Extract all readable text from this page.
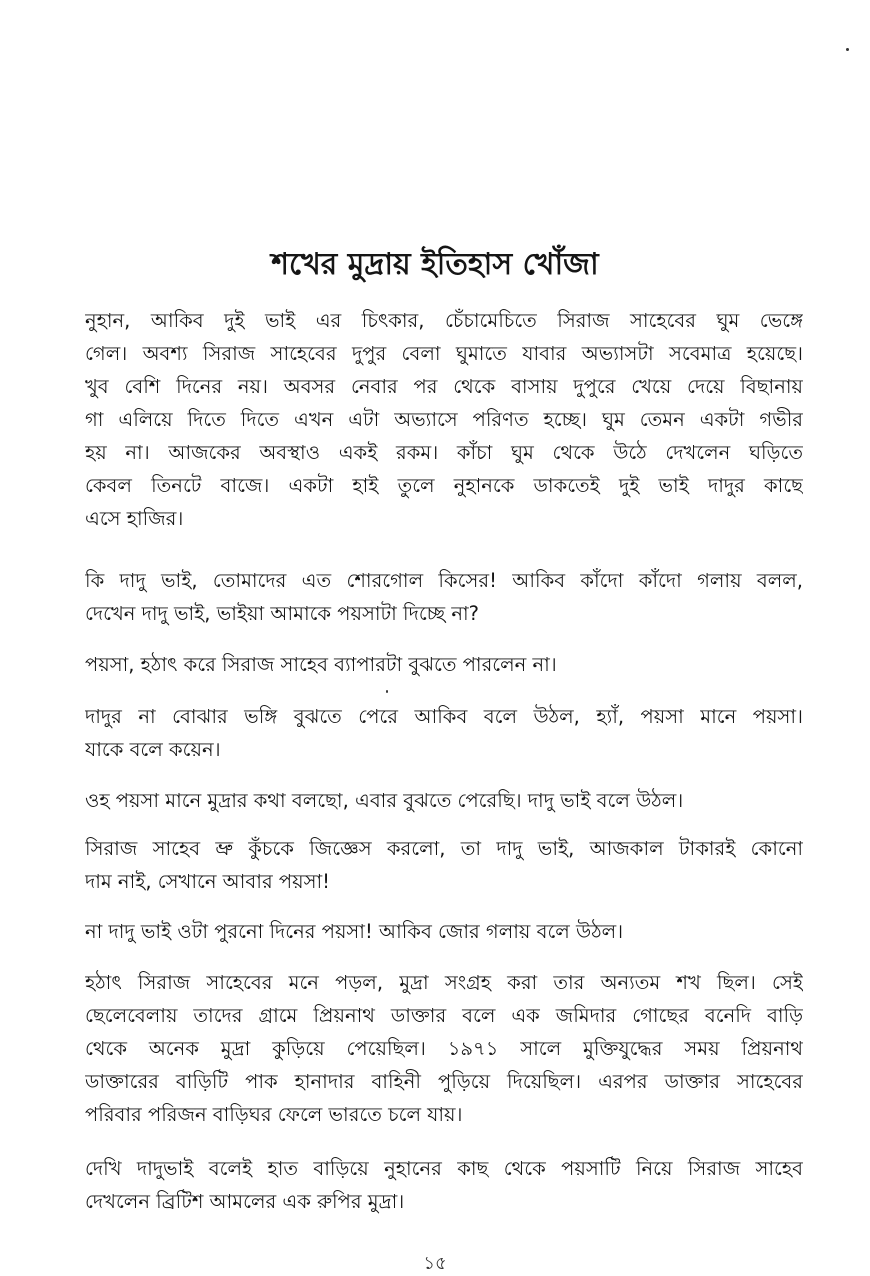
শখের মুদ্রায় ইতিহাস খোঁজা
নুহান, আকিব দুই ভাই এর চিৎকার, চেঁচামেচিতে সিরাজ সাহেবের ঘুম ভেঙ্গে
গেল। অবশ্য সিরাজ সাহেবের দুপুর বেলা ঘুমাতে যাবার অভ্যাসটা সবেমাত্র হয়েছে।
খুব বেশি দিনের নয়। অবসর নেবার পর থেকে বাসায় দুপুরে খেয়ে দেয়ে বিছানায়
গা এলিয়ে দিতে দিতে এখন এটা অভ্যাসে পরিণত হচ্ছে। ঘুম তেমন একটা গভীর
হয় না। আজকের অবস্থাও একই রকম। কাঁচা ঘুম থেকে উঠে দেখলেন ঘড়িতে
কেবল তিনটে বাজে। একটা হাই তুলে নুহানকে ডাকতেই দুই ভাই দাদুর কাছে
এসে হাজির।
কি দাদু ভাই, তোমাদের এত শোরগোল কিসের! আকিব কাঁদো কাঁদো গলায় বলল,
দেখেন দাদু ভাই, ভাইয়া আমাকে পয়সাটা দিচ্ছে না?
পয়সা, হঠাৎ করে সিরাজ সাহেব ব্যাপারটা বুঝতে পারলেন না।
দাদুর না বোঝার ভঙ্গি বুঝতে পেরে আকিব বলে উঠল, হ্যাঁ, পয়সা মানে পয়সা।
যাকে বলে কয়েন।
ওহ পয়সা মানে মুদ্রার কথা বলছো, এবার বুঝতে পেরেছি। দাদু ভাই বলে উঠল।
সিরাজ সাহেব ভ্রু কুঁচকে জিজ্ঞেস করলো, তা দাদু ভাই, আজকাল টাকারই কোনো
দাম নাই, সেখানে আবার পয়সা!
না দাদু ভাই ওটা পুরনো দিনের পয়সা! আকিব জোর গলায় বলে উঠল।
হঠাৎ সিরাজ সাহেবের মনে পড়ল, মুদ্রা সংগ্রহ করা তার অন্যতম শখ ছিল। সেই
ছেলেবেলায় তাদের গ্রামে প্রিয়নাথ ডাক্তার বলে এক জমিদার গোছের বনেদি বাড়ি
থেকে অনেক মুদ্রা কুড়িয়ে পেয়েছিল। ১৯৭১ সালে মুক্তিযুদ্ধের সময় প্রিয়নাথ
ডাক্তারের বাড়িটি পাক হানাদার বাহিনী পুড়িয়ে দিয়েছিল। এরপর ডাক্তার সাহেবের
পরিবার পরিজন বাড়িঘর ফেলে ভারতে চলে যায়।
দেখি দাদুভাই বলেই হাত বাড়িয়ে নুহানের কাছ থেকে পয়সাটি নিয়ে সিরাজ সাহেব
দেখলেন ব্রিটিশ আমলের এক রুপির মুদ্রা।
১৫
